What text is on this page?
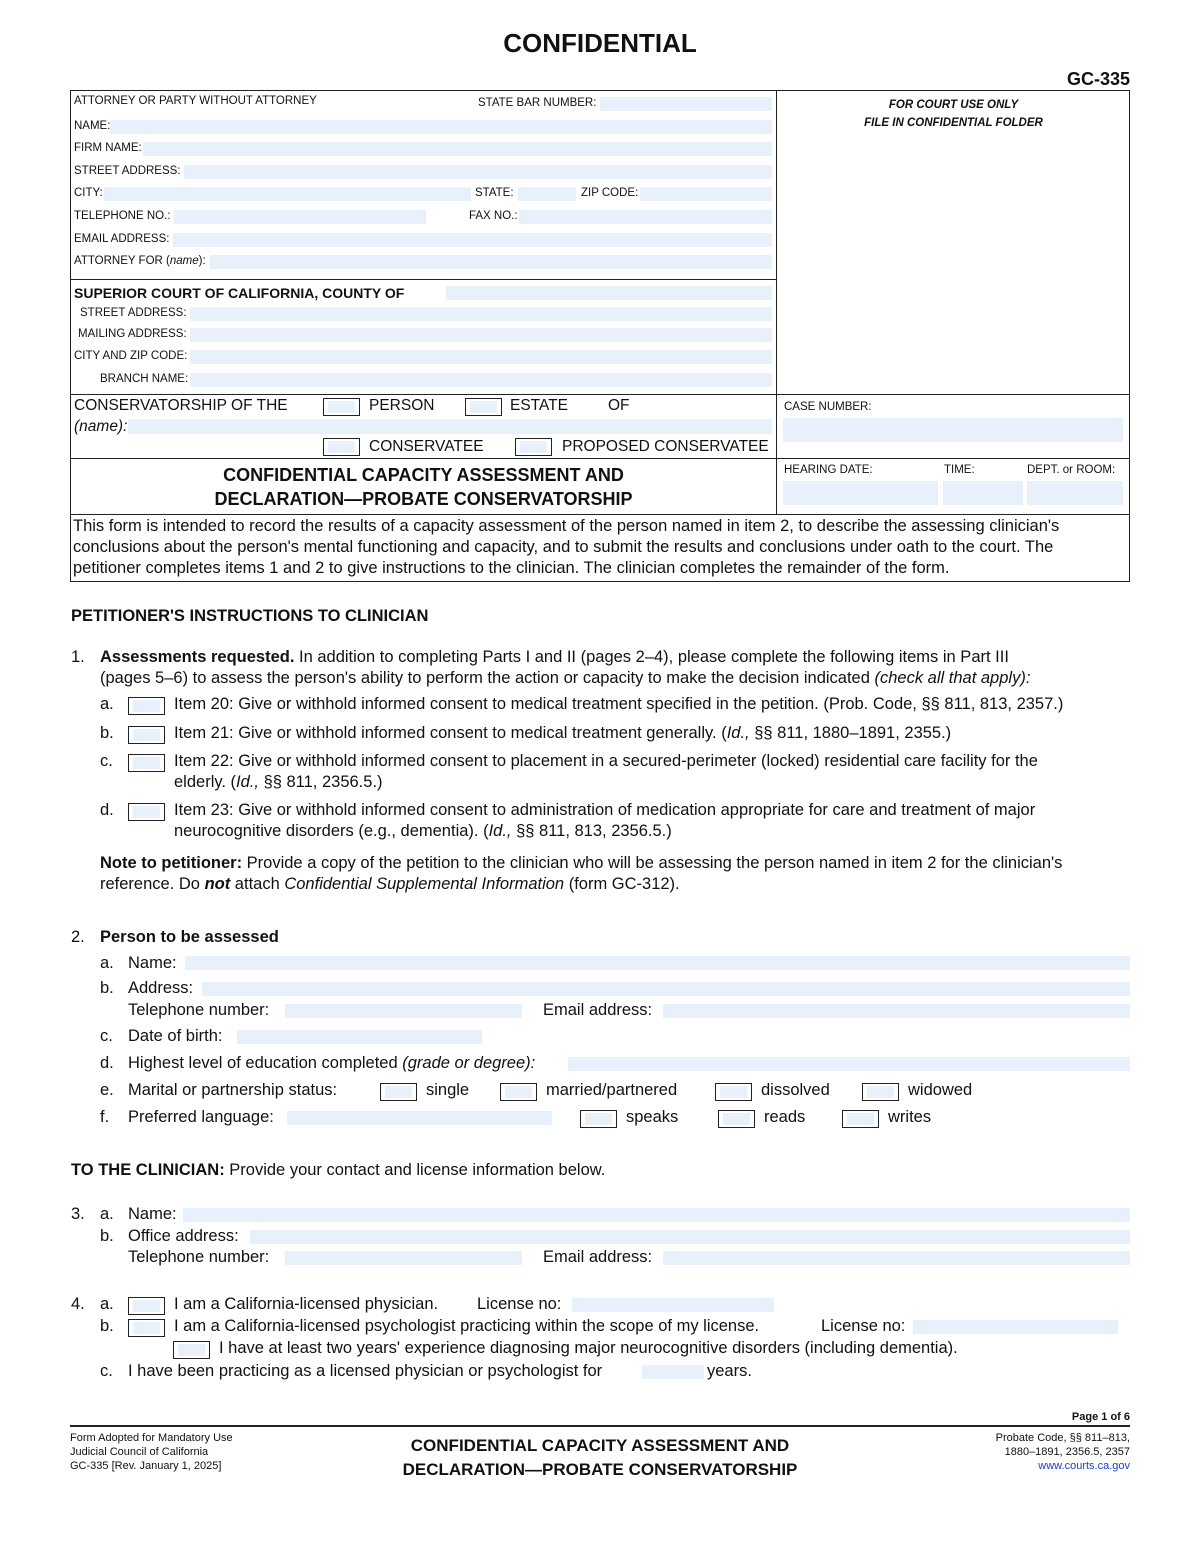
CONFIDENTIAL
GC-335
ATTORNEY OR PARTY WITHOUT ATTORNEY	STATE BAR NUMBER:
NAME:
FIRM NAME:
STREET ADDRESS:
CITY:	STATE:	ZIP CODE:
TELEPHONE NO.:	FAX NO.:
EMAIL ADDRESS:
ATTORNEY FOR (name):
FOR COURT USE ONLY
FILE IN CONFIDENTIAL FOLDER
SUPERIOR COURT OF CALIFORNIA, COUNTY OF
STREET ADDRESS:
MAILING ADDRESS:
CITY AND ZIP CODE:
BRANCH NAME:
CONSERVATORSHIP OF THE	PERSON	ESTATE	OF
(name):
CONSERVATEE	PROPOSED CONSERVATEE
CASE NUMBER:
CONFIDENTIAL CAPACITY ASSESSMENT AND
DECLARATION—PROBATE CONSERVATORSHIP
HEARING DATE:	TIME:	DEPT. or ROOM:
This form is intended to record the results of a capacity assessment of the person named in item 2, to describe the assessing clinician's
conclusions about the person's mental functioning and capacity, and to submit the results and conclusions under oath to the court. The
petitioner completes items 1 and 2 to give instructions to the clinician. The clinician completes the remainder of the form.
PETITIONER'S INSTRUCTIONS TO CLINICIAN
1. Assessments requested. In addition to completing Parts I and II (pages 2–4), please complete the following items in Part III
(pages 5–6) to assess the person's ability to perform the action or capacity to make the decision indicated (check all that apply):
a.	Item 20: Give or withhold informed consent to medical treatment specified in the petition. (Prob. Code, §§ 811, 813, 2357.)
b.	Item 21: Give or withhold informed consent to medical treatment generally. (Id., §§ 811, 1880–1891, 2355.)
c.	Item 22: Give or withhold informed consent to placement in a secured-perimeter (locked) residential care facility for the
elderly. (Id., §§ 811, 2356.5.)
d.	Item 23: Give or withhold informed consent to administration of medication appropriate for care and treatment of major
neurocognitive disorders (e.g., dementia). (Id., §§ 811, 813, 2356.5.)
Note to petitioner: Provide a copy of the petition to the clinician who will be assessing the person named in item 2 for the clinician's
reference. Do not attach Confidential Supplemental Information (form GC-312).
2. Person to be assessed
a. Name:
b. Address:
Telephone number:	Email address:
c. Date of birth:
d. Highest level of education completed (grade or degree):
e. Marital or partnership status:	single	married/partnered	dissolved	widowed
f. Preferred language:	speaks	reads	writes
TO THE CLINICIAN: Provide your contact and license information below.
3. a. Name:
b. Office address:
Telephone number:	Email address:
4. a.	I am a California-licensed physician. License no:
b.	I am a California-licensed psychologist practicing within the scope of my license.	License no:
I have at least two years' experience diagnosing major neurocognitive disorders (including dementia).
c. I have been practicing as a licensed physician or psychologist for	years.
Page 1 of 6
Form Adopted for Mandatory Use
Judicial Council of California
GC-335 [Rev. January 1, 2025]
CONFIDENTIAL CAPACITY ASSESSMENT AND
DECLARATION—PROBATE CONSERVATORSHIP
Probate Code, §§ 811–813,
1880–1891, 2356.5, 2357
www.courts.ca.gov
